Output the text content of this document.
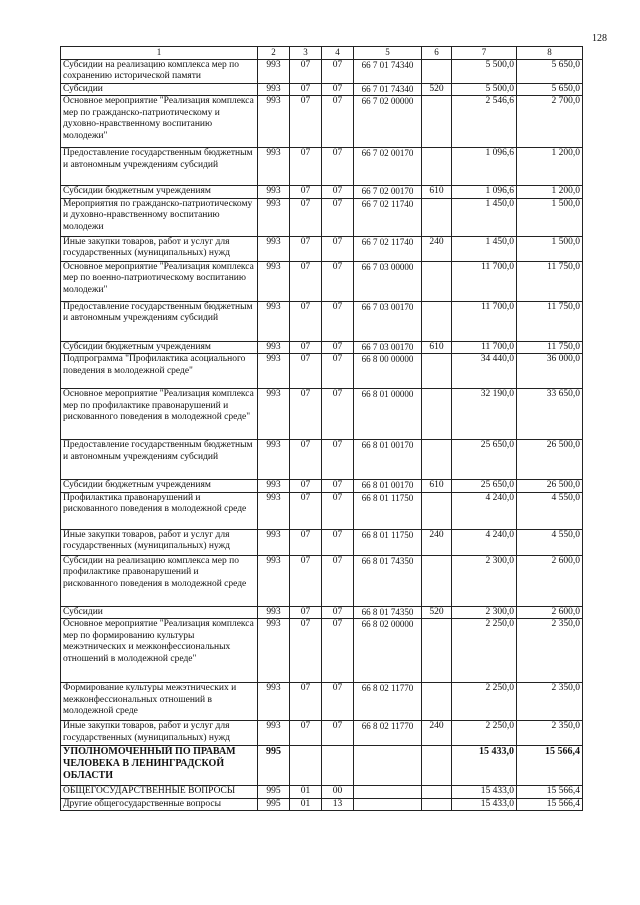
128
1	2	3	4	5	6	7	8
Субсидии на реализацию комплекса мер по сохранению исторической памяти	993	07	07	66 7 01 74340		5 500,0	5 650,0
Субсидии	993	07	07	66 7 01 74340	520	5 500,0	5 650,0
Основное мероприятие "Реализация комплекса мер по гражданско-патриотическому и духовно-нравственному воспитанию молодежи"	993	07	07	66 7 02 00000		2 546,6	2 700,0
Предоставление государственным бюджетным и автономным учреждениям субсидий	993	07	07	66 7 02 00170		1 096,6	1 200,0
Субсидии бюджетным учреждениям	993	07	07	66 7 02 00170	610	1 096,6	1 200,0
Мероприятия по гражданско-патриотическому и духовно-нравственному воспитанию молодежи	993	07	07	66 7 02 11740		1 450,0	1 500,0
Иные закупки товаров, работ и услуг для государственных (муниципальных) нужд	993	07	07	66 7 02 11740	240	1 450,0	1 500,0
Основное мероприятие "Реализация комплекса мер по военно-патриотическому воспитанию молодежи"	993	07	07	66 7 03 00000		11 700,0	11 750,0
Предоставление государственным бюджетным и автономным учреждениям субсидий	993	07	07	66 7 03 00170		11 700,0	11 750,0
Субсидии бюджетным учреждениям	993	07	07	66 7 03 00170	610	11 700,0	11 750,0
Подпрограмма "Профилактика асоциального поведения в молодежной среде"	993	07	07	66 8 00 00000		34 440,0	36 000,0
Основное мероприятие "Реализация комплекса мер по профилактике правонарушений и рискованного поведения в молодежной среде"	993	07	07	66 8 01 00000		32 190,0	33 650,0
Предоставление государственным бюджетным и автономным учреждениям субсидий	993	07	07	66 8 01 00170		25 650,0	26 500,0
Субсидии бюджетным учреждениям	993	07	07	66 8 01 00170	610	25 650,0	26 500,0
Профилактика правонарушений и рискованного поведения в молодежной среде	993	07	07	66 8 01 11750		4 240,0	4 550,0
Иные закупки товаров, работ и услуг для государственных (муниципальных) нужд	993	07	07	66 8 01 11750	240	4 240,0	4 550,0
Субсидии на реализацию комплекса мер по профилактике правонарушений и рискованного поведения в молодежной среде	993	07	07	66 8 01 74350		2 300,0	2 600,0
Субсидии	993	07	07	66 8 01 74350	520	2 300,0	2 600,0
Основное мероприятие "Реализация комплекса мер по формированию культуры межэтнических и межконфессиональных отношений в молодежной среде"	993	07	07	66 8 02 00000		2 250,0	2 350,0
Формирование культуры межэтнических и межконфессиональных отношений в молодежной среде	993	07	07	66 8 02 11770		2 250,0	2 350,0
Иные закупки товаров, работ и услуг для государственных (муниципальных) нужд	993	07	07	66 8 02 11770	240	2 250,0	2 350,0
УПОЛНОМОЧЕННЫЙ ПО ПРАВАМ ЧЕЛОВЕКА В ЛЕНИНГРАДСКОЙ ОБЛАСТИ	995					15 433,0	15 566,4
ОБЩЕГОСУДАРСТВЕННЫЕ ВОПРОСЫ	995	01	00			15 433,0	15 566,4
Другие общегосударственные вопросы	995	01	13			15 433,0	15 566,4
